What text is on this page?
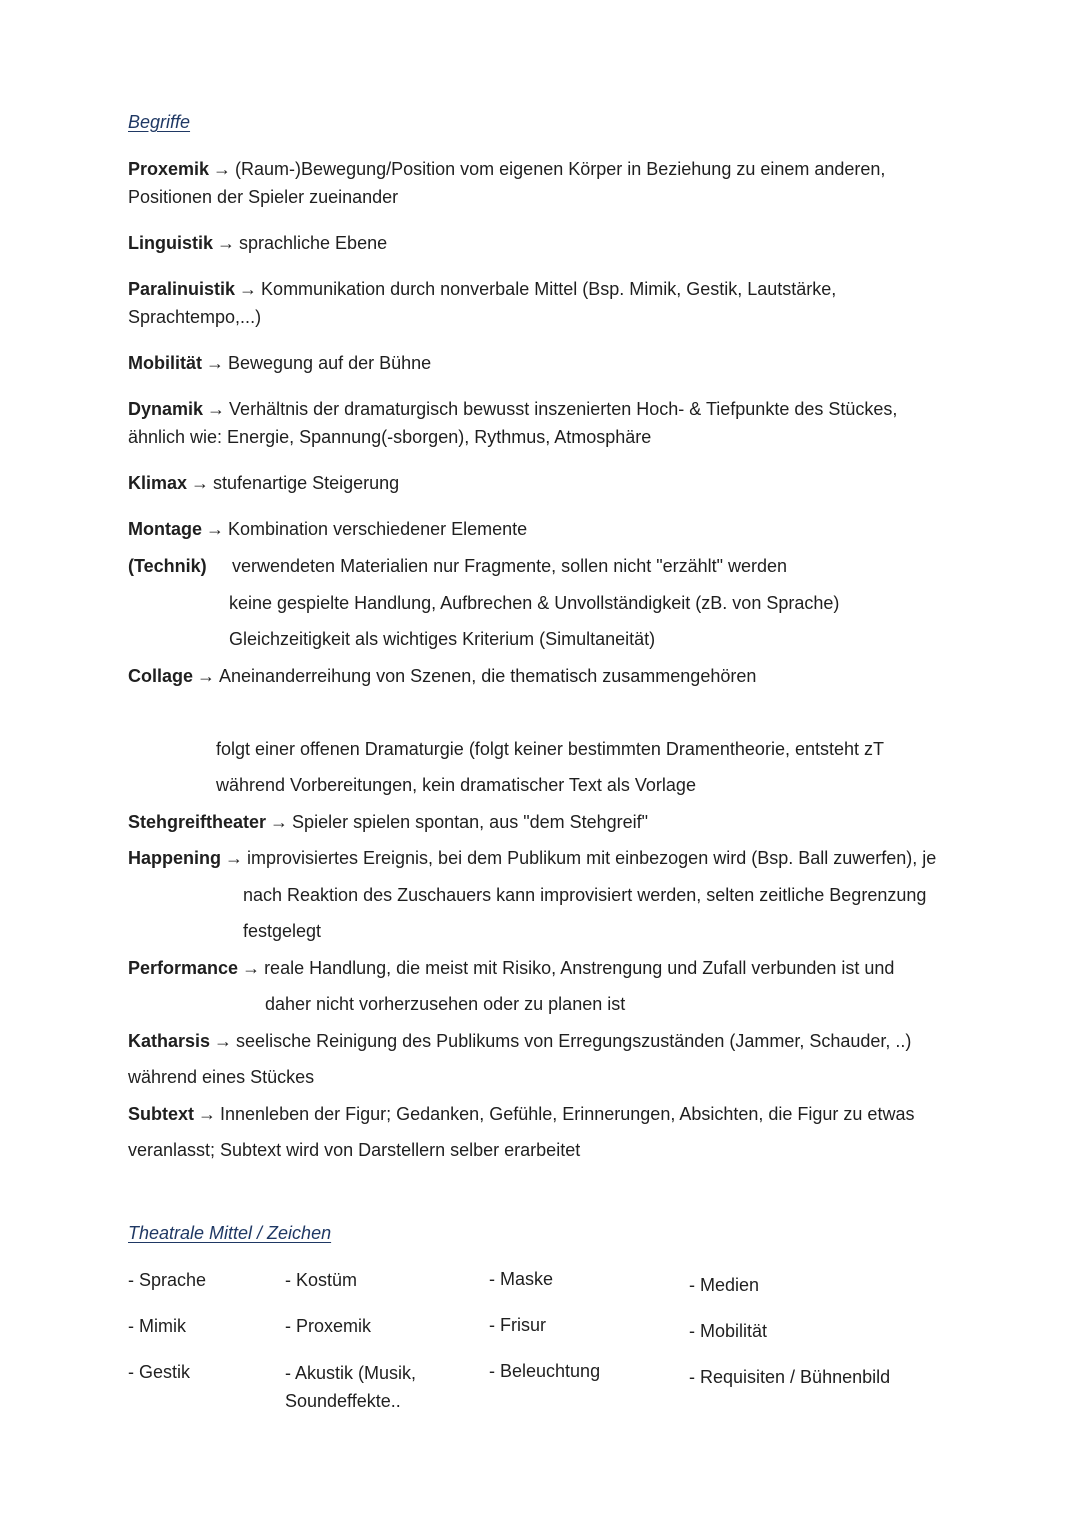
Begriffe
Proxemik → (Raum-)Bewegung/Position vom eigenen Körper in Beziehung zu einem anderen,
Positionen der Spieler zueinander
Linguistik → sprachliche Ebene
Paralinuistik → Kommunikation durch nonverbale Mittel (Bsp. Mimik, Gestik, Lautstärke,
Sprachtempo,...)
Mobilität → Bewegung auf der Bühne
Dynamik → Verhältnis der dramaturgisch bewusst inszenierten Hoch- & Tiefpunkte des Stückes,
ähnlich wie: Energie, Spannung(-sborgen), Rythmus, Atmosphäre
Klimax → stufenartige Steigerung
Montage → Kombination verschiedener Elemente
(Technik) verwendeten Materialien nur Fragmente, sollen nicht "erzählt" werden
keine gespielte Handlung, Aufbrechen & Unvollständigkeit (zB. von Sprache)
Gleichzeitigkeit als wichtiges Kriterium (Simultaneität)
Collage → Aneinanderreihung von Szenen, die thematisch zusammengehören
folgt einer offenen Dramaturgie (folgt keiner bestimmten Dramentheorie, entsteht zT
während Vorbereitungen, kein dramatischer Text als Vorlage
Stehgreiftheater → Spieler spielen spontan, aus "dem Stehgreif"
Happening → improvisiertes Ereignis, bei dem Publikum mit einbezogen wird (Bsp. Ball zuwerfen), je
nach Reaktion des Zuschauers kann improvisiert werden, selten zeitliche Begrenzung
festgelegt
Performance → reale Handlung, die meist mit Risiko, Anstrengung und Zufall verbunden ist und
daher nicht vorherzusehen oder zu planen ist
Katharsis → seelische Reinigung des Publikums von Erregungszuständen (Jammer, Schauder, ..)
während eines Stückes
Subtext → Innenleben der Figur; Gedanken, Gefühle, Erinnerungen, Absichten, die Figur zu etwas
veranlasst; Subtext wird von Darstellern selber erarbeitet
Theatrale Mittel / Zeichen
- Sprache
- Mimik
- Gestik
- Kostüm
- Proxemik
- Akustik (Musik,
Soundeffekte..
- Maske
- Frisur
- Beleuchtung
- Medien
- Mobilität
- Requisiten / Bühnenbild
